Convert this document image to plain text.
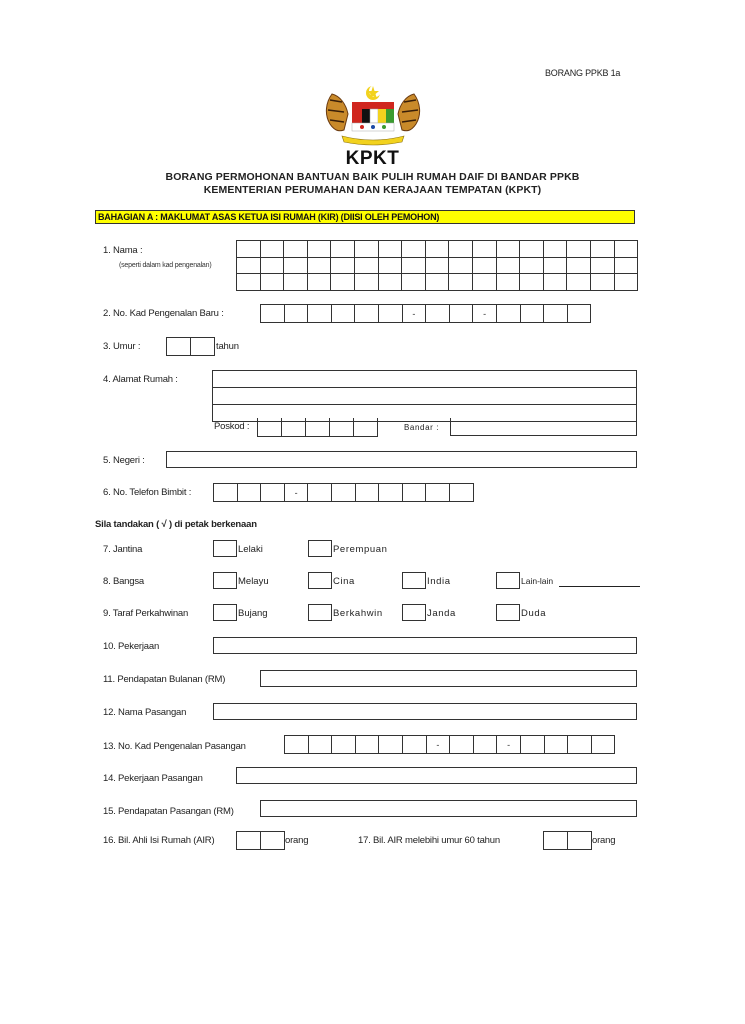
BORANG PPKB 1a
KPKT
BORANG PERMOHONAN BANTUAN BAIK PULIH RUMAH DAIF DI BANDAR PPKB
KEMENTERIAN PERUMAHAN DAN KERAJAAN TEMPATAN (KPKT)
BAHAGIAN A : MAKLUMAT ASAS KETUA ISI RUMAH (KIR) (DIISI OLEH PEMOHON)
1. Nama :
(seperti dalam kad pengenalan)
2. No. Kad Pengenalan Baru :	-	-
3. Umur :	tahun
4. Alamat Rumah :
Poskod :	Bandar :
5. Negeri :
6. No. Telefon Bimbit :	-
Sila tandakan ( √ ) di petak berkenaan
7. Jantina	Lelaki	Perempuan
8. Bangsa	Melayu	Cina	India	Lain-lain
9. Taraf Perkahwinan	Bujang	Berkahwin	Janda	Duda
10. Pekerjaan
11. Pendapatan Bulanan (RM)
12. Nama Pasangan
13. No. Kad Pengenalan Pasangan	-	-
14. Pekerjaan Pasangan
15. Pendapatan Pasangan (RM)
16. Bil. Ahli Isi Rumah (AIR)	orang	17. Bil. AIR melebihi umur 60 tahun	orang
